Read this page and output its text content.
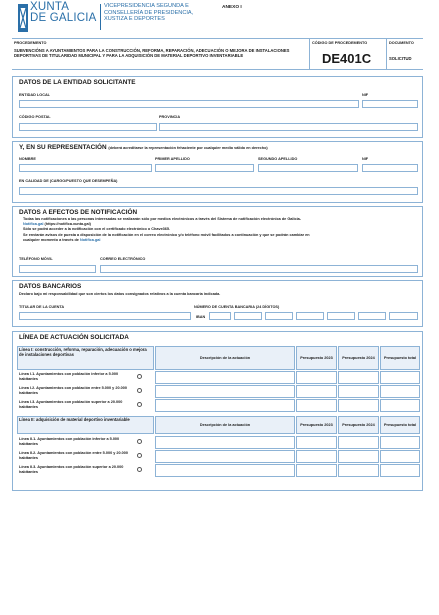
XUNTA
DE GALICIA
VICEPRESIDENCIA SEGUNDA E
CONSELLERÍA DE PRESIDENCIA,
XUSTIZA E DEPORTES
ANEXO I
PROCEDEMENTO
SUBVENCIÓNS A AYUNTAMIENTOS PARA LA CONSTRUCCIÓN, REFORMA, REPARACIÓN, ADECUACIÓN O MEJORA DE INSTALACIONES DEPORTIVAS DE TITULARIDAD MUNICIPAL Y PARA LA ADQUISICIÓN DE MATERIAL DEPORTIVO INVENTARIABLE
CÓDIGO DE PROCEDEMENTO
DE401C
DOCUMENTO
SOLICITUD
DATOS DE LA ENTIDAD SOLICITANTE
ENTIDAD LOCAL	NIF
CÓDIGO POSTAL	PROVINCIA
Y, EN SU REPRESENTACIÓN (deberá acreditarse la representación fehaciente por cualquier medio válido en derecho)
NOMBRE	PRIMER APELLIDO	SEGUNDO APELLIDO	NIF
EN CALIDAD DE (CARGO/PUESTO QUE DESEMPEÑA)
DATOS A EFECTOS DE NOTIFICACIÓN
Todas las notificaciones a las personas interesadas se realizarán sólo por medios electrónicos a través del Sistema de notificación electrónica de Galicia-
Notifica.gal (https://notifica.xunta.gal)
Sólo se podrá acceder a la notificación con el certificado electrónico o Chave365.
Se enviarán avisos de puesta a disposición de la notificación en el correo electrónico y/o teléfono móvil facilitados a continuación y que se podrán cambiar en
cualquier momento a través de Notifica.gal
TELÉFONO MÓVIL	CORREO ELECTRÓNICO
DATOS BANCARIOS
Declaro bajo mi responsabilidad que son ciertos los datos consignados relativos a la cuenta bancaria indicada.
TITULAR DE LA CUENTA	NÚMERO DE CUENTA BANCARIA (24 DÍGITOS)
IBAN
LÍNEA DE ACTUACIÓN SOLICITADA
Línea I: construcción, reforma, reparación, adecuación o mejora de instalaciones deportivas
Descripción de la actuación	Presupuesto 2023	Presupuesto 2024	Presupuesto total
Línea I.1. Ayuntamientos con población inferior a 5.000 habitantes
Línea I.2. Ayuntamientos con población entre 5.000 y 20.000 habitantes
Línea I.3. Ayuntamientos con población superior a 20.000 habitantes
Línea II: adquisición de material deportivo inventariable
Descripción de la actuación	Presupuesto 2023	Presupuesto 2024	Presupuesto total
Línea II.1. Ayuntamientos con población inferior a 5.000 habitantes
Línea II.2. Ayuntamientos con población entre 5.000 y 20.000 habitantes
Línea II.3. Ayuntamientos con población superior a 20.000 habitantes
